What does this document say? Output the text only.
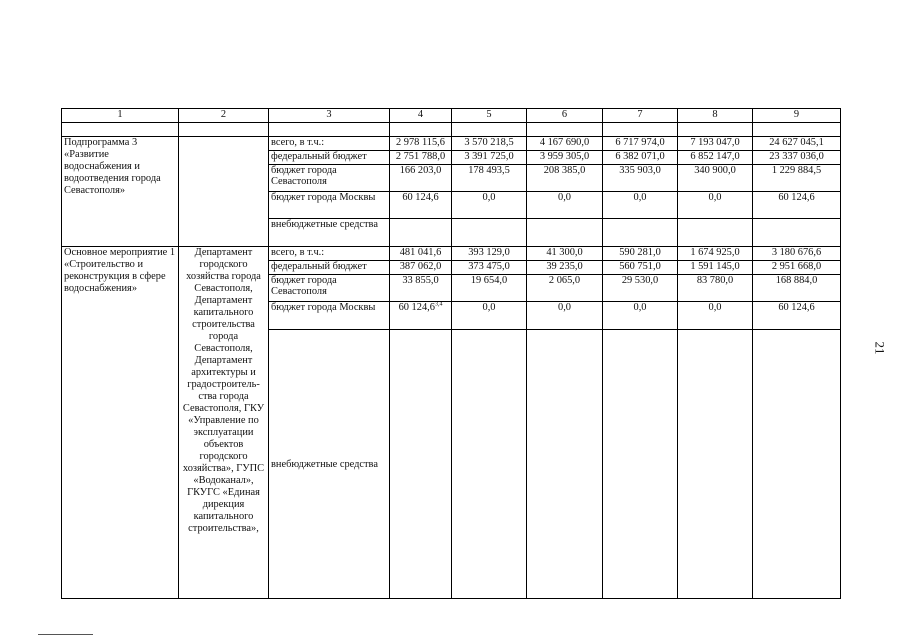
21
1	2	3	4	5	6	7	8	9

Подпрограмма 3 «Развитие водоснабжения и водоотведения города Севастополя»		всего, в т.ч.:	2 978 115,6	3 570 218,5	4 167 690,0	6 717 974,0	7 193 047,0	24 627 045,1
		федеральный бюджет	2 751 788,0	3 391 725,0	3 959 305,0	6 382 071,0	6 852 147,0	23 337 036,0
		бюджет города Севастополя	166 203,0	178 493,5	208 385,0	335 903,0	340 900,0	1 229 884,5
		бюджет города Москвы	60 124,6	0,0	0,0	0,0	0,0	60 124,6
		внебюджетные средства						
Основное мероприятие 1 «Строительство и реконструкция в сфере водоснабжения»	Департамент городского хозяйства города Севастополя, Департамент капитального строительства города Севастополя, Департамент архитектуры и градостроитель-ства города Севастополя, ГКУ «Управление по эксплуатации объектов городского хозяйства», ГУПС «Водоканал», ГКУГС «Единая дирекция капитального строительства»,	всего, в т.ч.:	481 041,6	393 129,0	41 300,0	590 281,0	1 674 925,0	3 180 676,6
		федеральный бюджет	387 062,0	373 475,0	39 235,0	560 751,0	1 591 145,0	2 951 668,0
		бюджет города Севастополя	33 855,0	19 654,0	2 065,0	29 530,0	83 780,0	168 884,0
		бюджет города Москвы	60 124,6$^{3,4}$	0,0	0,0	0,0	0,0	60 124,6
		внебюджетные средства						
